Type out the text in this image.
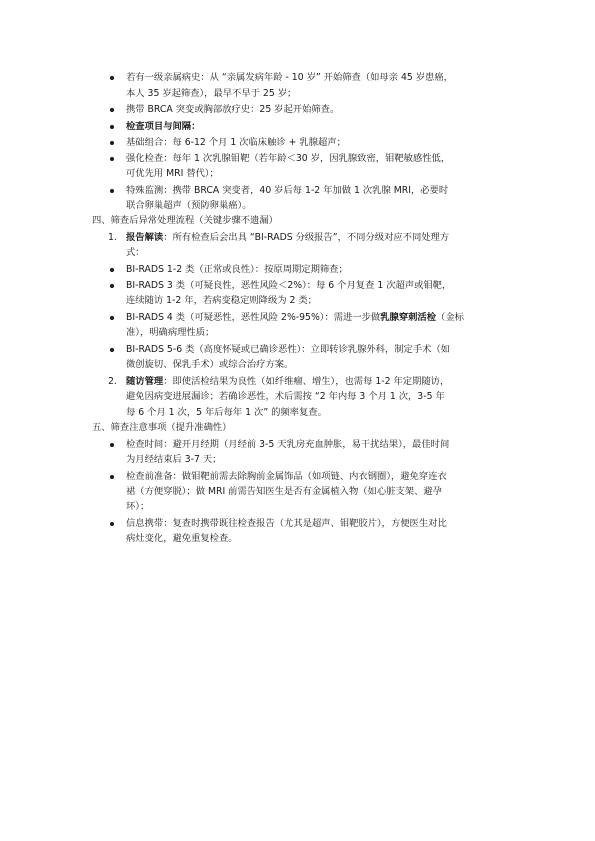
若有一级亲属病史：从 “亲属发病年龄 - 10 岁” 开始筛查（如母亲 45 岁患癌，
本人 35 岁起筛查），最早不早于 25 岁；
携带 BRCA 突变或胸部放疗史：25 岁起开始筛查。
检查项目与间隔：
基础组合：每 6-12 个月 1 次临床触诊 + 乳腺超声；
强化检查：每年 1 次乳腺钼靶（若年龄＜30 岁，因乳腺致密，钼靶敏感性低，
可优先用 MRI 替代）；
特殊监测：携带 BRCA 突变者，40 岁后每 1-2 年加做 1 次乳腺 MRI，必要时
联合卵巢超声（预防卵巢癌）。
四、筛查后异常处理流程（关键步骤不遗漏）
1. 报告解读：所有检查后会出具 “BI-RADS 分级报告”，不同分级对应不同处理方
式：
BI-RADS 1-2 类（正常或良性）：按原周期定期筛查；
BI-RADS 3 类（可疑良性，恶性风险＜2%）：每 6 个月复查 1 次超声或钼靶，
连续随访 1-2 年，若病变稳定则降级为 2 类；
BI-RADS 4 类（可疑恶性，恶性风险 2%-95%）：需进一步做乳腺穿刺活检（金标
准），明确病理性质；
BI-RADS 5-6 类（高度怀疑或已确诊恶性）：立即转诊乳腺外科，制定手术（如
微创旋切、保乳手术）或综合治疗方案。
2. 随访管理：即使活检结果为良性（如纤维瘤、增生），也需每 1-2 年定期随访，
避免因病变进展漏诊；若确诊恶性，术后需按 “2 年内每 3 个月 1 次，3-5 年
每 6 个月 1 次，5 年后每年 1 次” 的频率复查。
五、筛查注意事项（提升准确性）
检查时间：避开月经期（月经前 3-5 天乳房充血肿胀，易干扰结果），最佳时间
为月经结束后 3-7 天；
检查前准备：做钼靶前需去除胸前金属饰品（如项链、内衣钢圈），避免穿连衣
裙（方便穿脱）；做 MRI 前需告知医生是否有金属植入物（如心脏支架、避孕
环）；
信息携带：复查时携带既往检查报告（尤其是超声、钼靶胶片），方便医生对比
病灶变化，避免重复检查。
